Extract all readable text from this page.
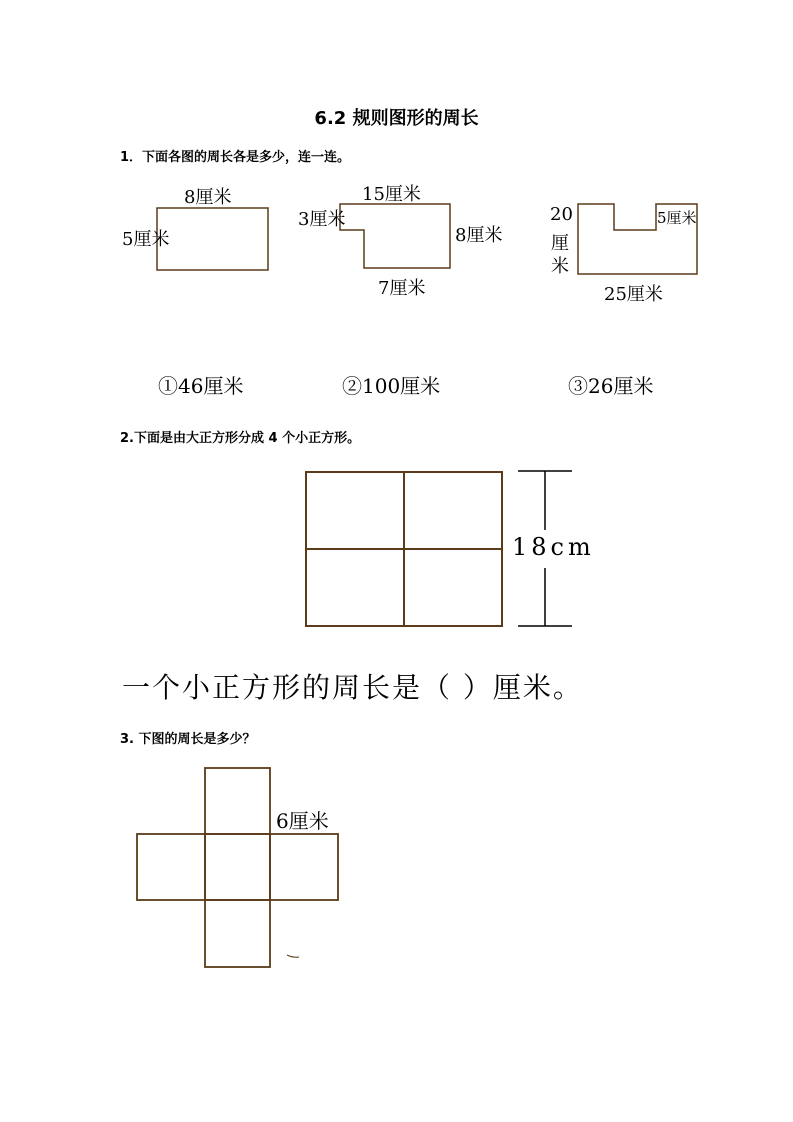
6.2 规则图形的周长
1．下面各图的周长各是多少，连一连。
8厘米
5厘米
15厘米
3厘米
8厘米
7厘米
20
厘
米
5厘米
25厘米
①46厘米	②100厘米	③26厘米
2.下面是由大正方形分成 4 个小正方形。
18cm
一个小正方形的周长是（ ）厘米。
3. 下图的周长是多少？
6厘米
